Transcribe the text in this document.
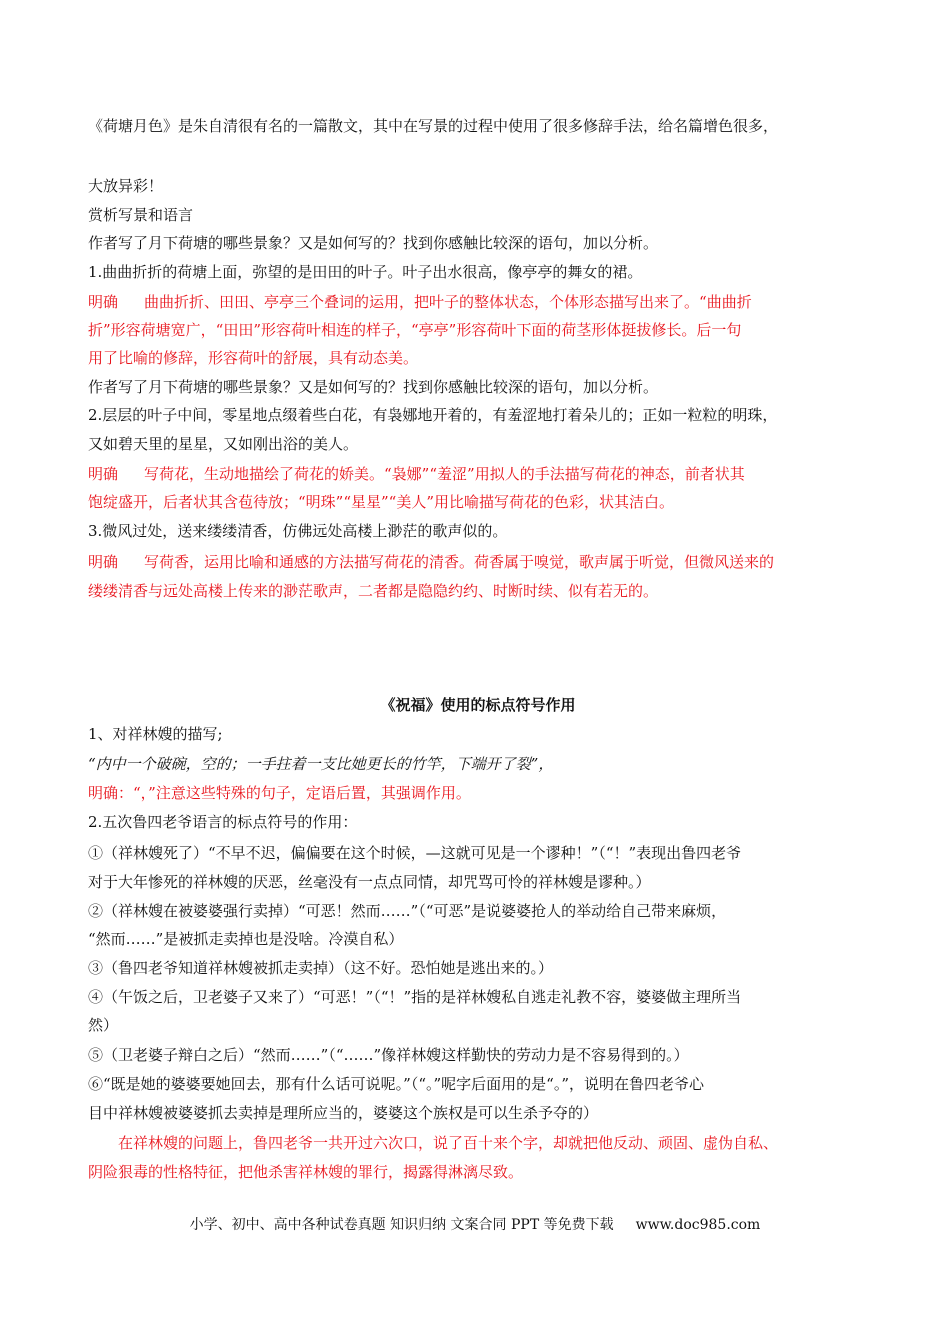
《荷塘月色》是朱自清很有名的一篇散文，其中在写景的过程中使用了很多修辞手法，给名篇增色很多，
大放异彩！
赏析写景和语言
作者写了月下荷塘的哪些景象？又是如何写的？找到你感触比较深的语句，加以分析。
1.曲曲折折的荷塘上面，弥望的是田田的叶子。叶子出水很高，像亭亭的舞女的裙。
明确 曲曲折折、田田、亭亭三个叠词的运用，把叶子的整体状态，个体形态描写出来了。“曲曲折
折”形容荷塘宽广，“田田”形容荷叶相连的样子，“亭亭”形容荷叶下面的荷茎形体挺拔修长。后一句
用了比喻的修辞，形容荷叶的舒展，具有动态美。
作者写了月下荷塘的哪些景象？又是如何写的？找到你感触比较深的语句，加以分析。
2.层层的叶子中间，零星地点缀着些白花，有袅娜地开着的，有羞涩地打着朵儿的；正如一粒粒的明珠，
又如碧天里的星星，又如刚出浴的美人。
明确 写荷花，生动地描绘了荷花的娇美。“袅娜”“羞涩”用拟人的手法描写荷花的神态，前者状其
饱绽盛开，后者状其含苞待放；“明珠”“星星”“美人”用比喻描写荷花的色彩，状其洁白。
3.微风过处，送来缕缕清香，仿佛远处高楼上渺茫的歌声似的。
明确 写荷香，运用比喻和通感的方法描写荷花的清香。荷香属于嗅觉，歌声属于听觉，但微风送来的
缕缕清香与远处高楼上传来的渺茫歌声，二者都是隐隐约约、时断时续、似有若无的。
《祝福》使用的标点符号作用
1、对祥林嫂的描写;
“内中一个破碗，空的；一手拄着一支比她更长的竹竿，下端开了裂”，
明确：“，”注意这些特殊的句子，定语后置，其强调作用。
2.五次鲁四老爷语言的标点符号的作用：
①（祥林嫂死了）“不早不迟，偏偏要在这个时候，—这就可见是一个谬种！”（“！”表现出鲁四老爷
对于大年惨死的祥林嫂的厌恶，丝毫没有一点点同情，却咒骂可怜的祥林嫂是谬种。）
②（祥林嫂在被婆婆强行卖掉）“可恶！然而……”（“可恶”是说婆婆抢人的举动给自己带来麻烦，
“然而……”是被抓走卖掉也是没啥。冷漠自私）
③（鲁四老爷知道祥林嫂被抓走卖掉）（这不好。恐怕她是逃出来的。）
④（午饭之后，卫老婆子又来了）“可恶！”（“！”指的是祥林嫂私自逃走礼教不容，婆婆做主理所当
然）
⑤（卫老婆子辩白之后）“然而……”（“……”像祥林嫂这样勤快的劳动力是不容易得到的。）
⑥“既是她的婆婆要她回去，那有什么话可说呢。”（“。”呢字后面用的是“。”，说明在鲁四老爷心
目中祥林嫂被婆婆抓去卖掉是理所应当的，婆婆这个族权是可以生杀予夺的）
在祥林嫂的问题上，鲁四老爷一共开过六次口，说了百十来个字，却就把他反动、顽固、虚伪自私、
阴险狠毒的性格特征，把他杀害祥林嫂的罪行，揭露得淋漓尽致。
小学、初中、高中各种试卷真题 知识归纳 文案合同 PPT 等免费下载 www.doc985.com
